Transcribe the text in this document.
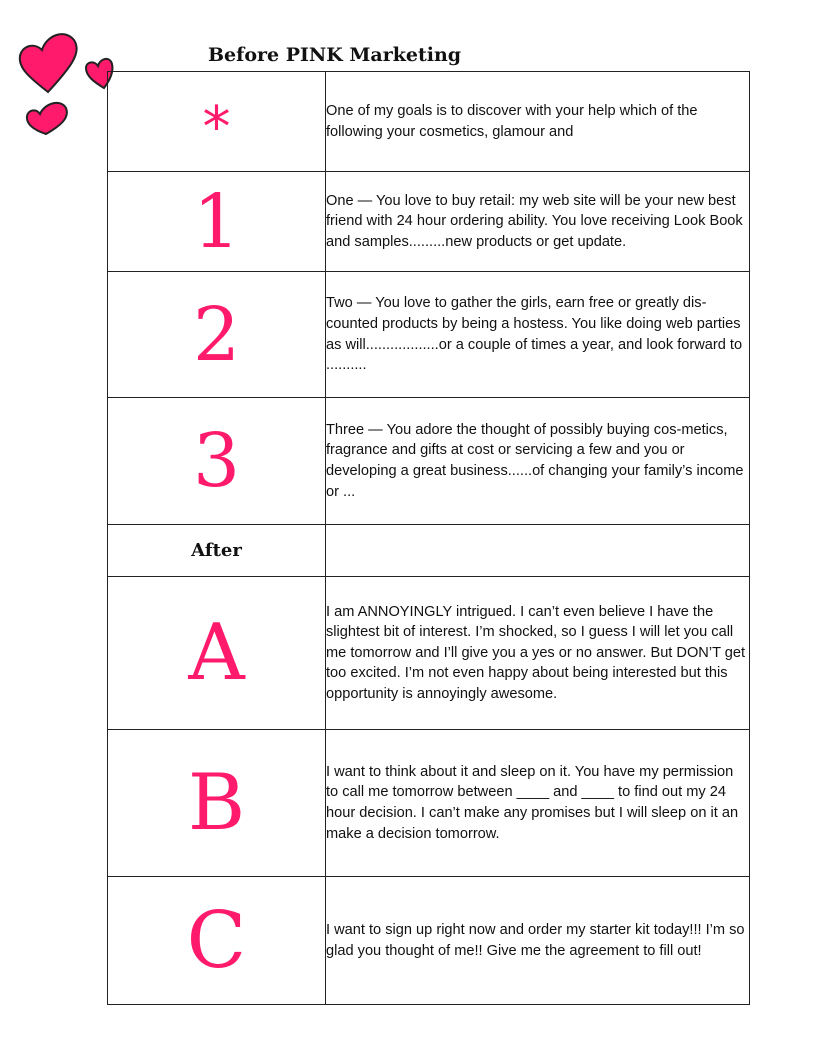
Before PINK Marketing
*	One of my goals is to discover with your help which of the following your cosmetics, glamour and

1	One — You love to buy retail: my web site will be your new best friend with 24 hour ordering ability. You love receiving Look Book and samples.........new products or get update.

2	Two — You love to gather the girls, earn free or greatly dis-counted products by being a hostess. You like doing web parties as will..................or a couple of times a year, and look forward to ..........

3	Three — You adore the thought of possibly buying cos-metics, fragrance and gifts at cost or servicing a few and you or developing a great business......of changing your family’s income or ...

After	

A	I am ANNOYINGLY intrigued. I can’t even believe I have the slightest bit of interest. I’m shocked, so I guess I will let you call me tomorrow and I’ll give you a yes or no answer. But DON’T get too excited. I’m not even happy about being interested but this opportunity is annoyingly awesome.

B	I want to think about it and sleep on it. You have my permission to call me tomorrow between ____ and ____ to find out my 24 hour decision. I can’t make any promises but I will sleep on it an make a decision tomorrow.

C	I want to sign up right now and order my starter kit today!!! I’m so glad you thought of me!! Give me the agreement to fill out!
